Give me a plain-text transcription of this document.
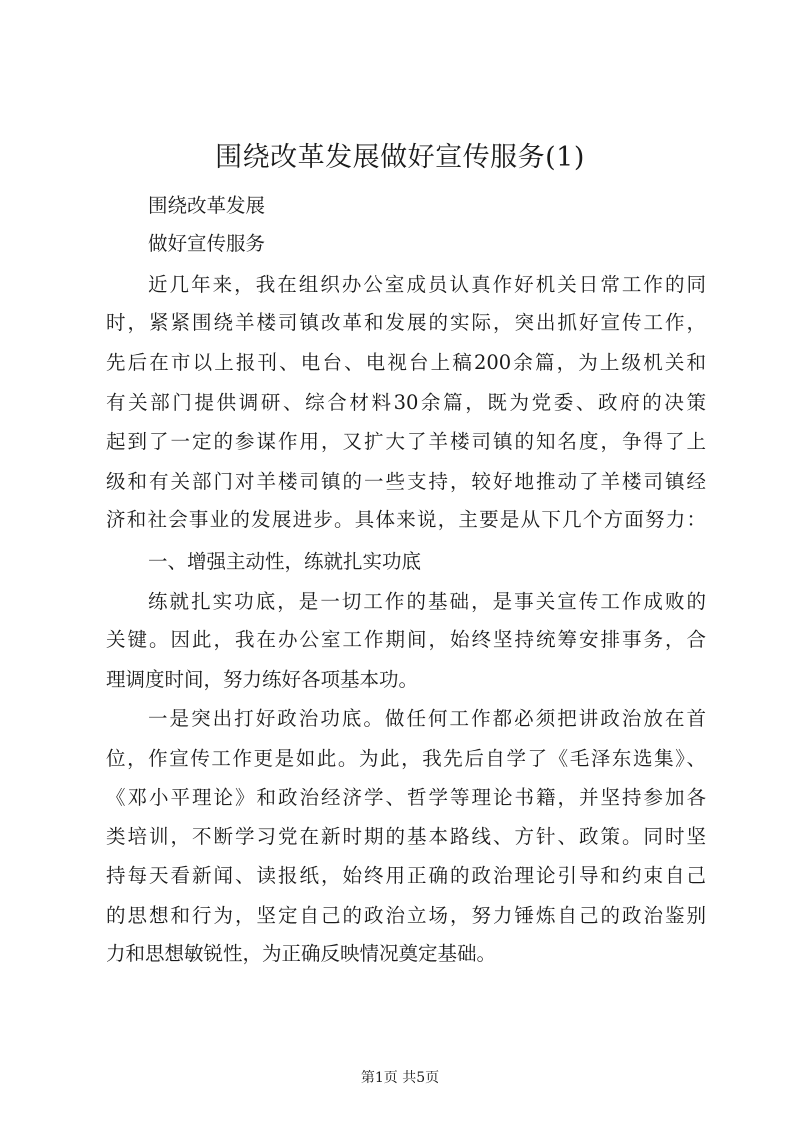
围绕改革发展做好宣传服务(1)
围绕改革发展
做好宣传服务
近几年来，我在组织办公室成员认真作好机关日常工作的同
时，紧紧围绕羊楼司镇改革和发展的实际，突出抓好宣传工作，
先后在市以上报刊、电台、电视台上稿200余篇，为上级机关和
有关部门提供调研、综合材料30余篇，既为党委、政府的决策
起到了一定的参谋作用，又扩大了羊楼司镇的知名度，争得了上
级和有关部门对羊楼司镇的一些支持，较好地推动了羊楼司镇经
济和社会事业的发展进步。具体来说，主要是从下几个方面努力：
一、增强主动性，练就扎实功底
练就扎实功底，是一切工作的基础，是事关宣传工作成败的
关键。因此，我在办公室工作期间，始终坚持统筹安排事务，合
理调度时间，努力练好各项基本功。
一是突出打好政治功底。做任何工作都必须把讲政治放在首
位，作宣传工作更是如此。为此，我先后自学了《毛泽东选集》、
《邓小平理论》和政治经济学、哲学等理论书籍，并坚持参加各
类培训，不断学习党在新时期的基本路线、方针、政策。同时坚
持每天看新闻、读报纸，始终用正确的政治理论引导和约束自己
的思想和行为，坚定自己的政治立场，努力锤炼自己的政治鉴别
力和思想敏锐性，为正确反映情况奠定基础。
第1页 共5页
